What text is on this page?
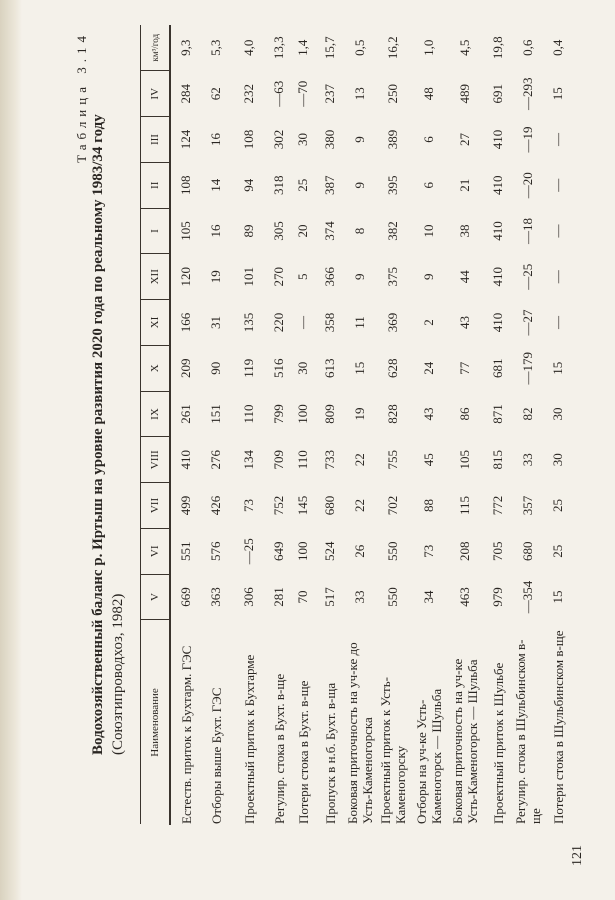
Таблица 3.14
Водохозяйственный баланс р. Иртыш на уровне развития 2020 года по реальному 1983/34 году (Союзгипроводхоз, 1982) Наименование	V	VI	VII	VIII	IX	X	XI	XII	I	II	III	IV	км³/год
Естеств. приток к Бухтарм. ГЭС	669	551	499	410	261	209	166	120	105	108	124	284	9,3
Отборы выше Бухт. ГЭС	363	576	426	276	151	90	31	19	16	14	16	62	5,3
Проектный приток к Бухтарме	306	—25	73	134	110	119	135	101	89	94	108	232	4,0
Регулир. стока в Бухт. в-ще	281	649	752	709	799	516	220	270	305	318	302	—63	13,3
Потери стока в Бухт. в-ще	70	100	145	110	100	30	—	5	20	25	30	—70	1,4
Пропуск в н.б. Бухт. в-ща	517	524	680	733	809	613	358	366	374	387	380	237	15,7
Боковая приточность на уч-ке до Усть-Каменогорска	33	26	22	22	19	15	11	9	8	9	9	13	0,5
Проектный приток к Усть-Каменогорску	550	550	702	755	828	628	369	375	382	395	389	250	16,2
Отборы на уч-ке Усть-Каменогорск — Шульба	34	73	88	45	43	24	2	9	10	6	6	48	1,0
Боковая приточность на уч-ке Усть-Каменогорск — Шульба	463	208	115	105	86	77	43	44	38	21	27	489	4,5
Проектный приток к Шульбе	979	705	772	815	871	681	410	410	410	410	410	691	19,8
Регулир. стока в Шульбинском в-ще	—354	680	357	33	82	—179	—27	—25	—18	—20	—19	—293	0,6
Потери стока в Шульбинском в-ще	15	25	25	30	30	15	—	—	—	—	—	15	0,4
121
